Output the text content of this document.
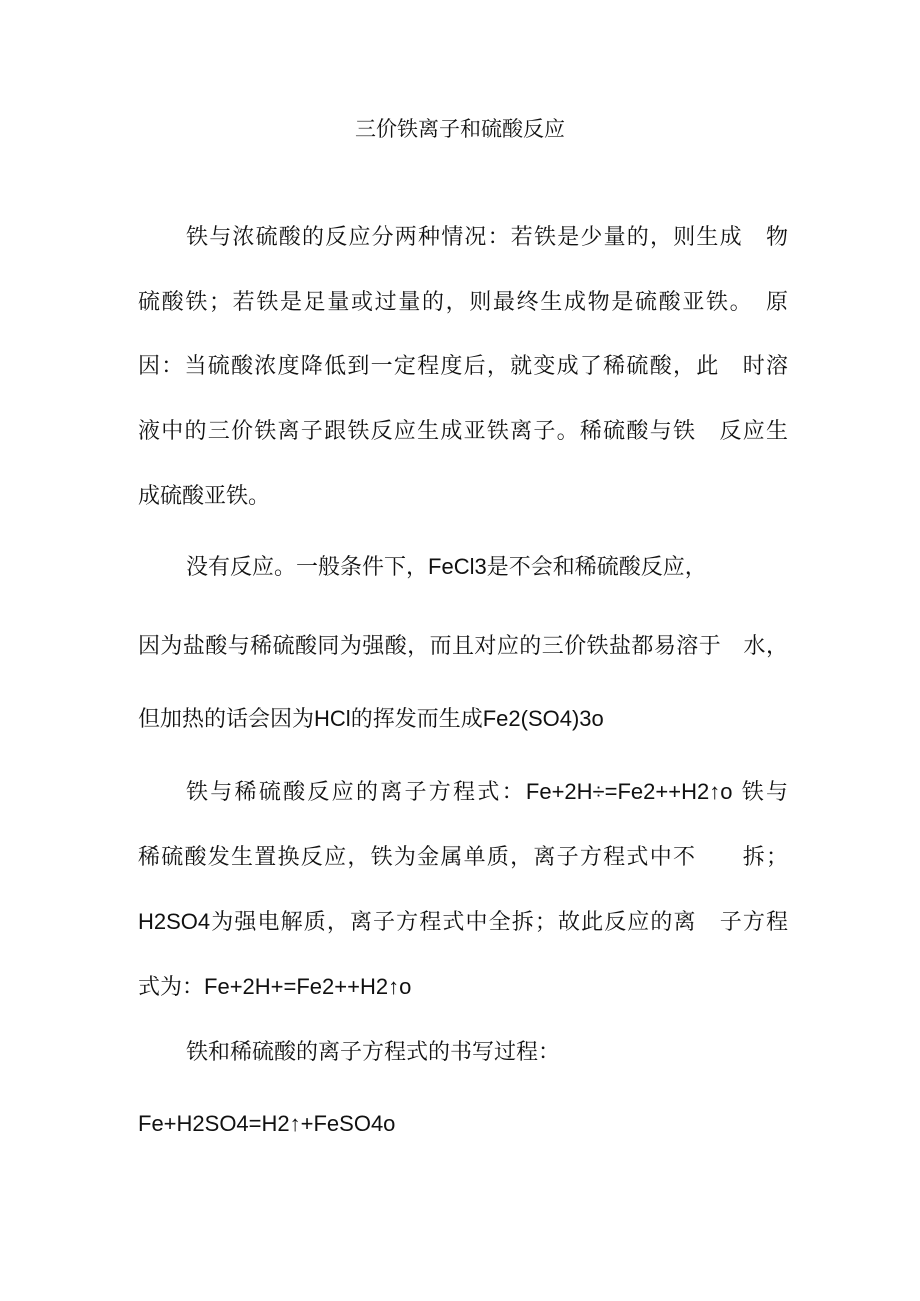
三价铁离子和硫酸反应
铁与浓硫酸的反应分两种情况：若铁是少量的，则生成　物
硫酸铁；若铁是足量或过量的，则最终生成物是硫酸亚铁。　原
因：当硫酸浓度降低到一定程度后，就变成了稀硫酸，此　时溶
液中的三价铁离子跟铁反应生成亚铁离子。稀硫酸与铁　反应生
成硫酸亚铁。
没有反应。一般条件下，FeCl3是不会和稀硫酸反应，
因为盐酸与稀硫酸同为强酸，而且对应的三价铁盐都易溶于　水，
但加热的话会因为HCl的挥发而生成Fe2(SO4)3o
铁与稀硫酸反应的离子方程式：Fe+2H÷=Fe2++H2↑o 铁与
稀硫酸发生置换反应，铁为金属单质，离子方程式中不　　拆；
H2SO4为强电解质，离子方程式中全拆；故此反应的离　子方程
式为：Fe+2H+=Fe2++H2↑o
铁和稀硫酸的离子方程式的书写过程：
Fe+H2SO4=H2↑+FeSO4o
